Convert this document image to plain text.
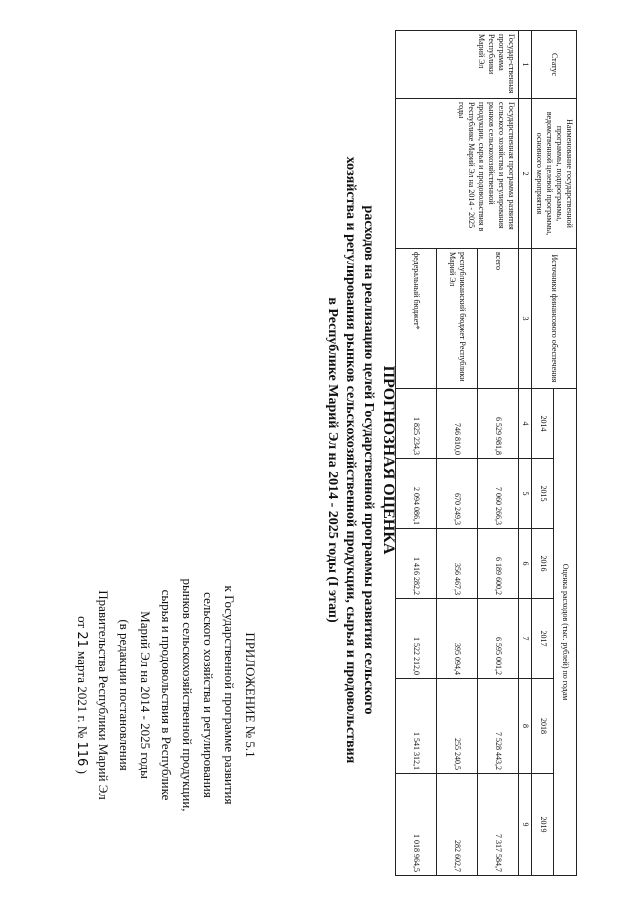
ПРИЛОЖЕНИЕ № 5.1
к Государственной программе развития
сельского хозяйства и регулирования
рынков сельскохозяйственной продукции,
сырья и продовольствия в Республике
Марий Эл на 2014 - 2025 годы
(в редакции постановления
Правительства Республики Марий Эл
от 21 марта 2021 г. № 116 )
ПРОГНОЗНАЯ ОЦЕНКА
расходов на реализацию целей Государственной программы развития сельского
хозяйства и регулирования рынков сельскохозяйственной продукции, сырья и продовольствия
в Республике Марий Эл на 2014 - 2025 годы (I этап)
Статус	Наименование государственной программы, подпрограммы, ведомственной целевой программы, основного мероприятия	Источники финансового обеспечения	Оценка расходов (тыс. рублей) по годам					
			2014	2015	2016	2017	2018	2019
1	2	3	4	5	6	7	8	9
Государ-ственная программа Республики Марий Эл	Государственная программа развития сельского хозяйства и регулирования рынков сельскохозяйственной продукции, сырья и продовольствия в Республике Марий Эл на 2014 - 2025 годы	всего	6 529 981,8	7 060 266,3	6 189 600,2	6 595 001,2	7 528 443,2	7 317 584,7
		республиканский бюджет Республики Марий Эл	746 810,0	670 249,3	356 467,3	395 094,4	255 240,5	282 602,7
		федеральный бюджет*	1 825 234,3	2 094 086,1	1 416 282,2	1 522 212,0	1 541 312,1	1 018 964,5
